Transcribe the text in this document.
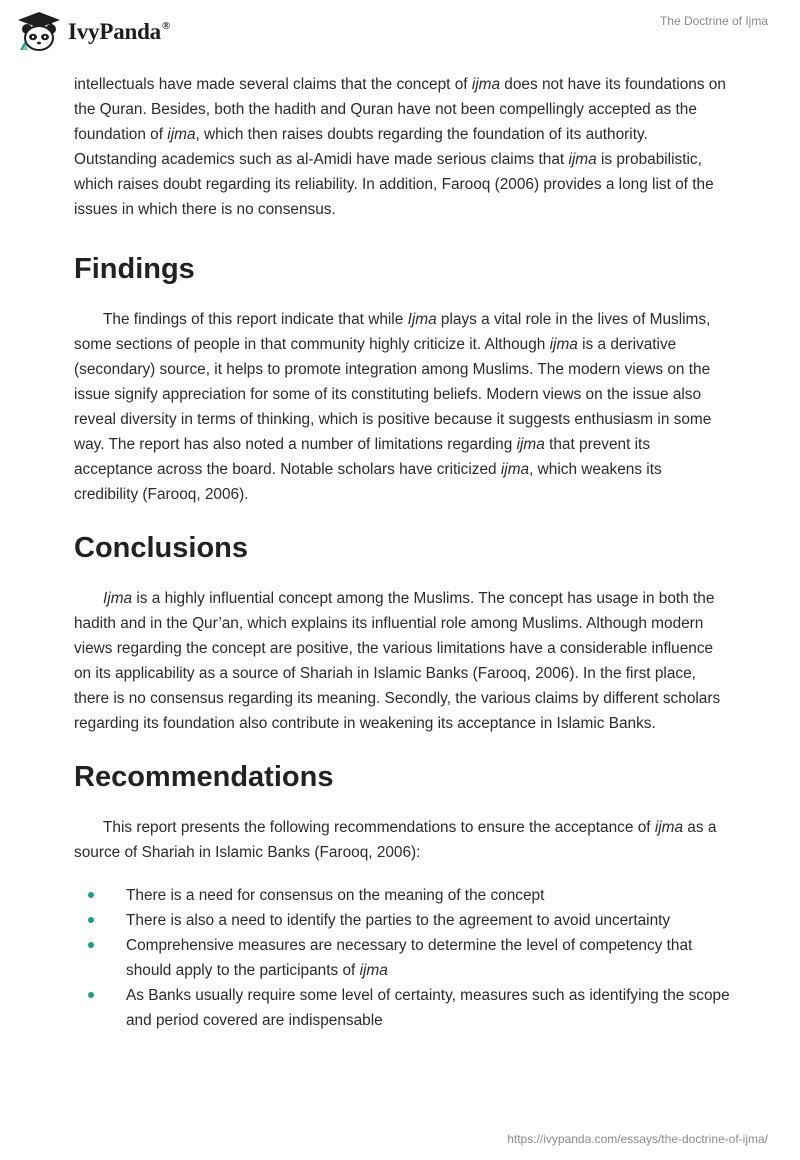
IvyPanda®	The Doctrine of Ijma

intellectuals have made several claims that the concept of ijma does not have its foundations on the Quran. Besides, both the hadith and Quran have not been compellingly accepted as the foundation of ijma, which then raises doubts regarding the foundation of its authority. Outstanding academics such as al-Amidi have made serious claims that ijma is probabilistic, which raises doubt regarding its reliability. In addition, Farooq (2006) provides a long list of the issues in which there is no consensus.

Findings

The findings of this report indicate that while Ijma plays a vital role in the lives of Muslims, some sections of people in that community highly criticize it. Although ijma is a derivative (secondary) source, it helps to promote integration among Muslims. The modern views on the issue signify appreciation for some of its constituting beliefs. Modern views on the issue also reveal diversity in terms of thinking, which is positive because it suggests enthusiasm in some way. The report has also noted a number of limitations regarding ijma that prevent its acceptance across the board. Notable scholars have criticized ijma, which weakens its credibility (Farooq, 2006).

Conclusions

Ijma is a highly influential concept among the Muslims. The concept has usage in both the hadith and in the Qur’an, which explains its influential role among Muslims. Although modern views regarding the concept are positive, the various limitations have a considerable influence on its applicability as a source of Shariah in Islamic Banks (Farooq, 2006). In the first place, there is no consensus regarding its meaning. Secondly, the various claims by different scholars regarding its foundation also contribute in weakening its acceptance in Islamic Banks.

Recommendations

This report presents the following recommendations to ensure the acceptance of ijma as a source of Shariah in Islamic Banks (Farooq, 2006):

There is a need for consensus on the meaning of the concept
There is also a need to identify the parties to the agreement to avoid uncertainty
Comprehensive measures are necessary to determine the level of competency that should apply to the participants of ijma
As Banks usually require some level of certainty, measures such as identifying the scope and period covered are indispensable
https://ivypanda.com/essays/the-doctrine-of-ijma/
